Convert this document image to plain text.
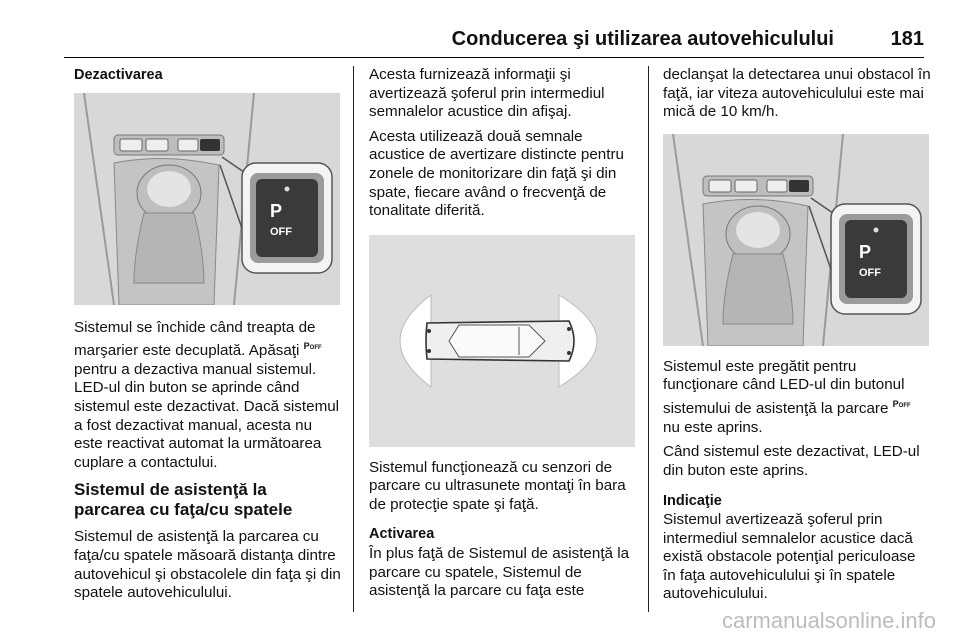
Conducerea şi utilizarea autovehiculului	181
Dezactivarea
P
OFF

Sistemul se închide când treapta de marşarier este decuplată. Apăsaţi $^{POFF}$ pentru a dezactiva manual sistemul. LED-ul din buton se aprinde când sistemul este dezactivat. Dacă sistemul a fost dezactivat manual, acesta nu este reactivat automat la următoarea cuplare a contactului.

Sistemul de asistenţă la parcarea cu faţa/cu spatele

Sistemul de asistenţă la parcarea cu faţa/cu spatele măsoară distanţa dintre autovehicul şi obstacolele din faţa şi din spatele autovehiculului.

Acesta furnizează informaţii şi avertizează şoferul prin intermediul semnalelor acustice din afişaj.

Acesta utilizează două semnale acustice de avertizare distincte pentru zonele de monitorizare din faţă şi din spate, fiecare având o frecvenţă de tonalitate diferită.

Sistemul funcţionează cu senzori de parcare cu ultrasunete montaţi în bara de protecţie spate şi faţă.

Activarea

În plus faţă de Sistemul de asistenţă la parcare cu spatele, Sistemul de asistenţă la parcare cu faţa este

declanşat la detectarea unui obstacol în faţă, iar viteza autovehiculului este mai mică de 10 km/h.

P
OFF

Sistemul este pregătit pentru funcţionare când LED-ul din butonul sistemului de asistenţă la parcare $^{POFF}$ nu este aprins.

Când sistemul este dezactivat, LED-ul din buton este aprins.

Indicaţie

Sistemul avertizează şoferul prin intermediul semnalelor acustice dacă există obstacole potenţial periculoase în faţa autovehiculului şi în spatele autovehiculului.

carmanualsonline.info
